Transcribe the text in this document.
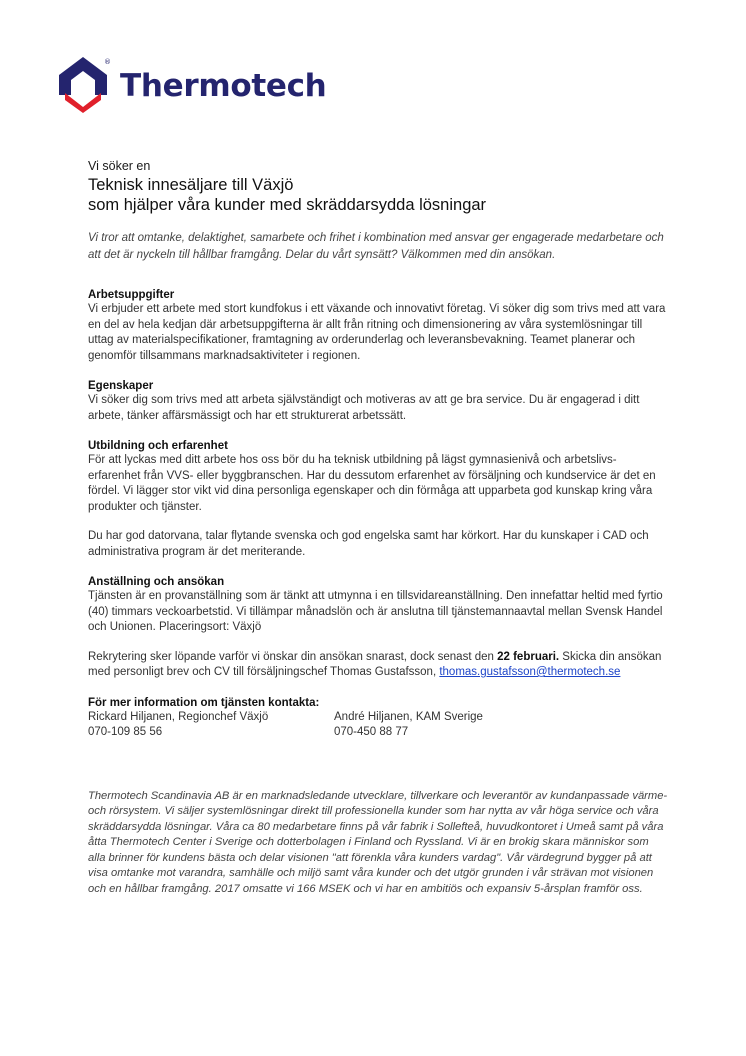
®
Thermotech

Vi söker en

Teknisk innesäljare till Växjö

som hjälper våra kunder med skräddarsydda lösningar

Vi tror att omtanke, delaktighet, samarbete och frihet i kombination med ansvar ger engagerade medarbetare och att det är nyckeln till hållbar framgång. Delar du vårt synsätt? Välkommen med din ansökan.

Arbetsuppgifter

Vi erbjuder ett arbete med stort kundfokus i ett växande och innovativt företag. Vi söker dig som trivs med att vara en del av hela kedjan där arbetsuppgifterna är allt från ritning och dimensionering av våra systemlösningar till uttag av materialspecifikationer, framtagning av orderunderlag och leveransbevakning. Teamet planerar och genomför tillsammans marknadsaktiviteter i regionen.

Egenskaper

Vi söker dig som trivs med att arbeta självständigt och motiveras av att ge bra service. Du är engagerad i ditt arbete, tänker affärsmässigt och har ett strukturerat arbetssätt.

Utbildning och erfarenhet

För att lyckas med ditt arbete hos oss bör du ha teknisk utbildning på lägst gymnasienivå och arbetslivs-erfarenhet från VVS- eller byggbranschen. Har du dessutom erfarenhet av försäljning och kundservice är det en fördel. Vi lägger stor vikt vid dina personliga egenskaper och din förmåga att upparbeta god kunskap kring våra produkter och tjänster.

Du har god datorvana, talar flytande svenska och god engelska samt har körkort. Har du kunskaper i CAD och administrativa program är det meriterande.

Anställning och ansökan

Tjänsten är en provanställning som är tänkt att utmynna i en tillsvidareanställning. Den innefattar heltid med fyrtio (40) timmars veckoarbetstid. Vi tillämpar månadslön och är anslutna till tjänstemannaavtal mellan Svensk Handel och Unionen. Placeringsort: Växjö

Rekrytering sker löpande varför vi önskar din ansökan snarast, dock senast den 22 februari. Skicka din ansökan med personligt brev och CV till försäljningschef Thomas Gustafsson, thomas.gustafsson@thermotech.se

För mer information om tjänsten kontakta:

Rickard Hiljanen, Regionchef Växjö
070-109 85 56
André Hiljanen, KAM Sverige
070-450 88 77

Thermotech Scandinavia AB är en marknadsledande utvecklare, tillverkare och leverantör av kundanpassade värme- och rörsystem. Vi säljer systemlösningar direkt till professionella kunder som har nytta av vår höga service och våra skräddarsydda lösningar. Våra ca 80 medarbetare finns på vår fabrik i Sollefteå, huvudkontoret i Umeå samt på våra åtta Thermotech Center i Sverige och dotterbolagen i Finland och Ryssland. Vi är en brokig skara människor som alla brinner för kundens bästa och delar visionen "att förenkla våra kunders vardag". Vår värdegrund bygger på att visa omtanke mot varandra, samhälle och miljö samt våra kunder och det utgör grunden i vår strävan mot visionen och en hållbar framgång. 2017 omsatte vi 166 MSEK och vi har en ambitiös och expansiv 5-årsplan framför oss.
